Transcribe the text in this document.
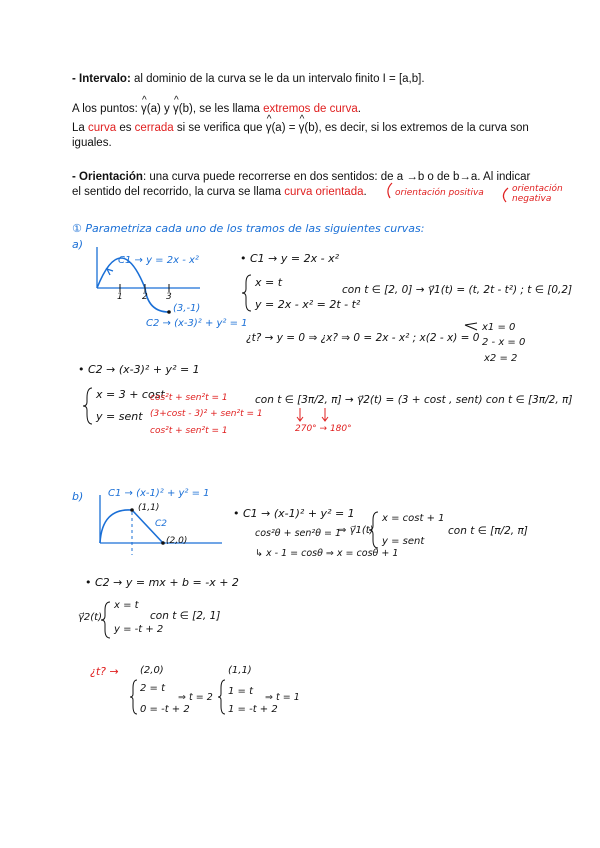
- Intervalo: al dominio de la curva se le da un intervalo finito I = [a,b].

A los puntos: ^ γ(a) y ^ γ(b), se les llama extremos de curva.

La curva es cerrada si se verifica que ^ γ(a) = ^ γ(b), es decir, si los extremos de la curva son iguales.

- Orientación: una curva puede recorrerse en dos sentidos: de a →b o de b→a. Al indicar el sentido del recorrido, la curva se llama curva orientada.	orientación positiva	orientación negativa
① Parametriza cada uno de los tramos de las siguientes curvas:
a)
C1 → y = 2x - x²
(3,-1)
C2 → (x-3)² + y² = 1
1 2 3
• C1 → y = 2x - x²
x = t
y = 2x - x² = 2t - t²
con t ∈ [2, 0] → γ⃗1(t) = (t, 2t - t²) ; t ∈ [0,2]
¿t? → y = 0 ⇒ ¿x? ⇒ 0 = 2x - x² ; x(2 - x) = 0
x1 = 0
2 - x = 0
x2 = 2
• C2 → (x-3)² + y² = 1
x = 3 + cost
y = sent
cos²t + sen²t = 1
(3+cost - 3)² + sen²t = 1
cos²t + sen²t = 1
con t ∈ [3π/2, π] → γ⃗2(t) = (3 + cost , sent) con t ∈ [3π/2, π]
270° → 180°
b) C1 → (x-1)² + y² = 1
(1,1)
C2
(2,0)
• C1 → (x-1)² + y² = 1
cos²θ + sen²θ = 1
↳ x - 1 = cosθ ⇒ x = cosθ + 1
⇒ γ⃗1(t)
x = cost + 1
y = sent
con t ∈ [π/2, π]
• C2 → y = mx + b = -x + 2
γ⃗2(t)
x = t
y = -t + 2
con t ∈ [2, 1]
¿t? → (2,0)
2 = t
0 = -t + 2
⇒ t = 2
(1,1)
1 = t
1 = -t + 2
⇒ t = 1
